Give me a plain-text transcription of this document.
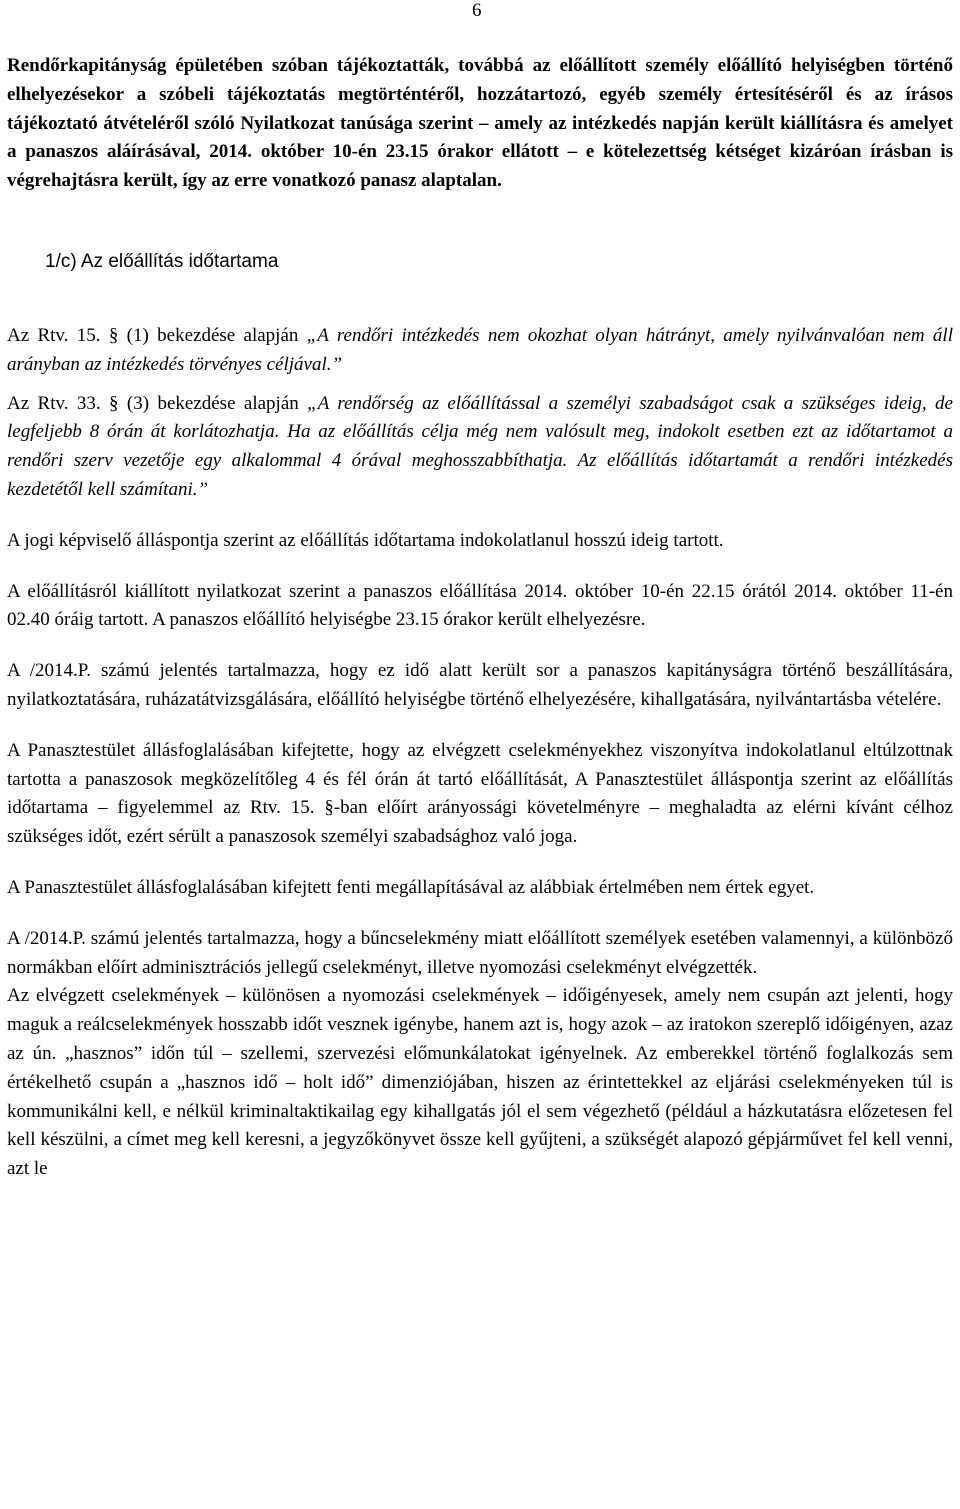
6

Rendőrkapitányság épületében szóban tájékoztatták, továbbá az előállított személy előállító helyiségben történő elhelyezésekor a szóbeli tájékoztatás megtörténtéről, hozzátartozó, egyéb személy értesítéséről és az írásos tájékoztató átvételéről szóló Nyilatkozat tanúsága szerint – amely az intézkedés napján került kiállításra és amelyet a panaszos aláírásával, 2014. október 10-én 23.15 órakor ellátott – e kötelezettség kétséget kizáróan írásban is végrehajtásra került, így az erre vonatkozó panasz alaptalan.

1/c) Az előállítás időtartama

Az Rtv. 15. § (1) bekezdése alapján „A rendőri intézkedés nem okozhat olyan hátrányt, amely nyilvánvalóan nem áll arányban az intézkedés törvényes céljával.”

Az Rtv. 33. § (3) bekezdése alapján „A rendőrség az előállítással a személyi szabadságot csak a szükséges ideig, de legfeljebb 8 órán át korlátozhatja. Ha az előállítás célja még nem valósult meg, indokolt esetben ezt az időtartamot a rendőri szerv vezetője egy alkalommal 4 órával meghosszabbíthatja. Az előállítás időtartamát a rendőri intézkedés kezdetétől kell számítani.”

A jogi képviselő álláspontja szerint az előállítás időtartama indokolatlanul hosszú ideig tartott.

A előállításról kiállított nyilatkozat szerint a panaszos előállítása 2014. október 10-én 22.15 órától 2014. október 11-én 02.40 óráig tartott. A panaszos előállító helyiségbe 23.15 órakor került elhelyezésre.

A /2014.P. számú jelentés tartalmazza, hogy ez idő alatt került sor a panaszos kapitányságra történő beszállítására, nyilatkoztatására, ruházatátvizsgálására, előállító helyiségbe történő elhelyezésére, kihallgatására, nyilvántartásba vételére.

A Panasztestület állásfoglalásában kifejtette, hogy az elvégzett cselekményekhez viszonyítva indokolatlanul eltúlzottnak tartotta a panaszosok megközelítőleg 4 és fél órán át tartó előállítását, A Panasztestület álláspontja szerint az előállítás időtartama – figyelemmel az Rtv. 15. §-ban előírt arányossági követelményre – meghaladta az elérni kívánt célhoz szükséges időt, ezért sérült a panaszosok személyi szabadsághoz való joga.

A Panasztestület állásfoglalásában kifejtett fenti megállapításával az alábbiak értelmében nem értek egyet.

A /2014.P. számú jelentés tartalmazza, hogy a bűncselekmény miatt előállított személyek esetében valamennyi, a különböző normákban előírt adminisztrációs jellegű cselekményt, illetve nyomozási cselekményt elvégzették.

Az elvégzett cselekmények – különösen a nyomozási cselekmények – időigényesek, amely nem csupán azt jelenti, hogy maguk a reálcselekmények hosszabb időt vesznek igénybe, hanem azt is, hogy azok – az iratokon szereplő időigényen, azaz az ún. „hasznos” időn túl – szellemi, szervezési előmunkálatokat igényelnek. Az emberekkel történő foglalkozás sem értékelhető csupán a „hasznos idő – holt idő” dimenziójában, hiszen az érintettekkel az eljárási cselekményeken túl is kommunikálni kell, e nélkül kriminaltaktikailag egy kihallgatás jól el sem végezhető (például a házkutatásra előzetesen fel kell készülni, a címet meg kell keresni, a jegyzőkönyvet össze kell gyűjteni, a szükségét alapozó gépjárművet fel kell venni, azt le
